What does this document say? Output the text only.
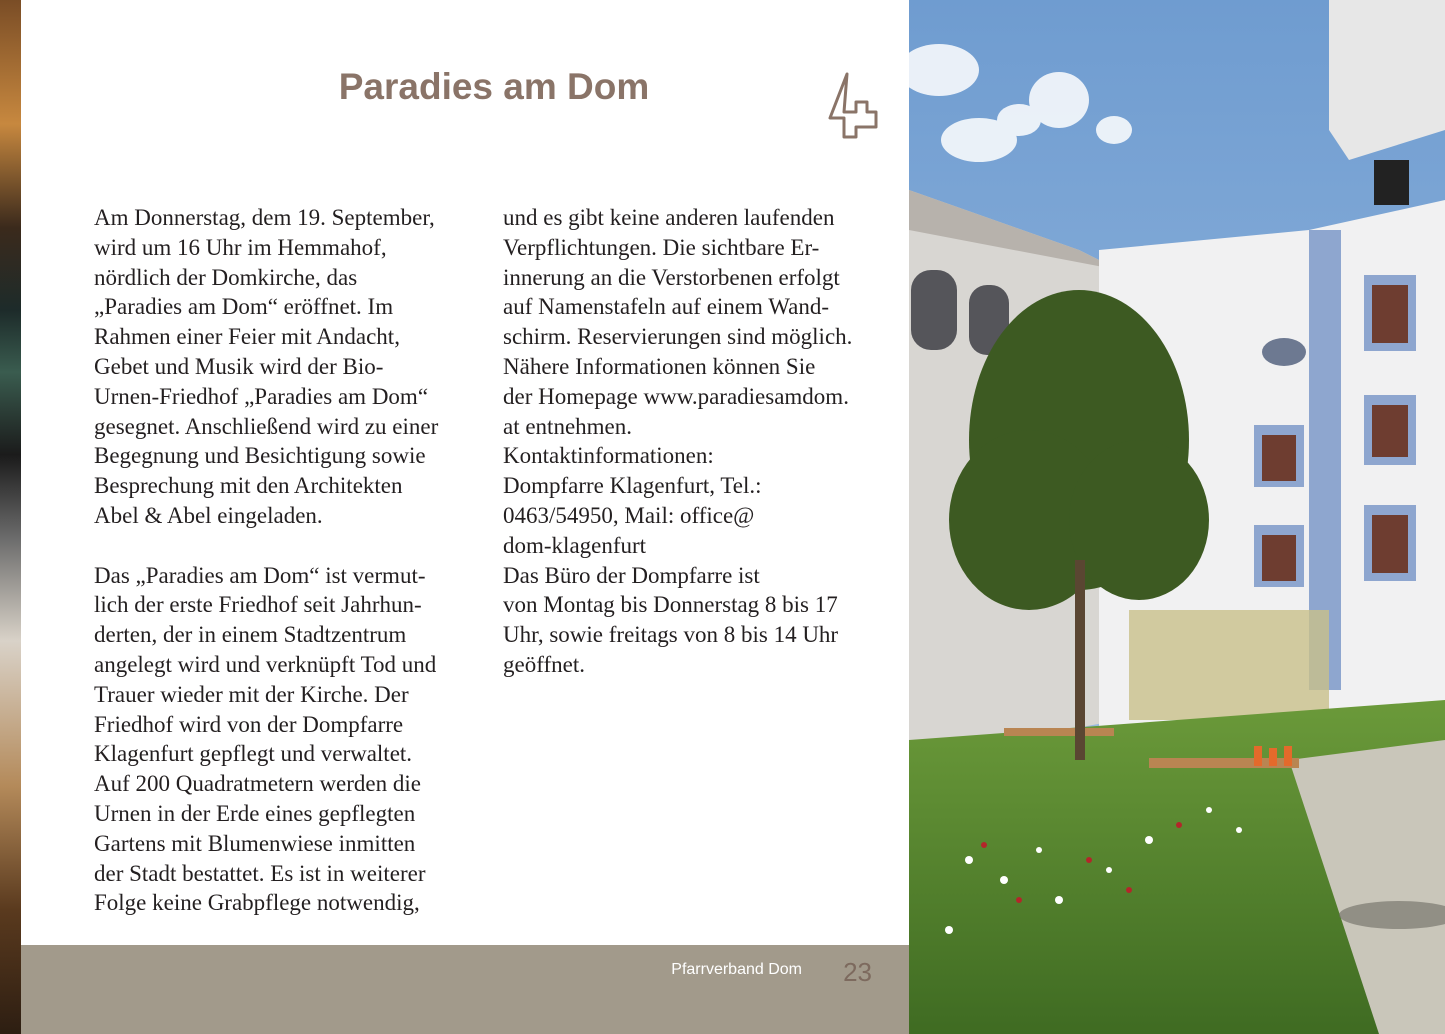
Paradies am Dom

Am Donnerstag, dem 19. September,
wird um 16 Uhr im Hemmahof,
nördlich der Domkirche, das
„Paradies am Dom“ eröffnet. Im
Rahmen einer Feier mit Andacht,
Gebet und Musik wird der Bio-
Urnen-Friedhof „Paradies am Dom“
gesegnet. Anschließend wird zu einer
Begegnung und Besichtigung sowie
Besprechung mit den Architekten
Abel & Abel eingeladen.

Das „Paradies am Dom“ ist vermut-
lich der erste Friedhof seit Jahrhun-
derten, der in einem Stadtzentrum
angelegt wird und verknüpft Tod und
Trauer wieder mit der Kirche. Der
Friedhof wird von der Dompfarre
Klagenfurt gepflegt und verwaltet.
Auf 200 Quadratmetern werden die
Urnen in der Erde eines gepflegten
Gartens mit Blumenwiese inmitten
der Stadt bestattet. Es ist in weiterer
Folge keine Grabpflege notwendig,

und es gibt keine anderen laufenden
Verpflichtungen. Die sichtbare Er-
innerung an die Verstorbenen erfolgt
auf Namenstafeln auf einem Wand-
schirm. Reservierungen sind möglich.
Nähere Informationen können Sie
der Homepage www.paradiesamdom.
at entnehmen.
Kontaktinformationen:
Dompfarre Klagenfurt, Tel.:
0463/54950, Mail: office@
dom-klagenfurt
Das Büro der Dompfarre ist
von Montag bis Donnerstag 8 bis 17
Uhr, sowie freitags von 8 bis 14 Uhr
geöffnet.

Pfarrverband Dom 23
